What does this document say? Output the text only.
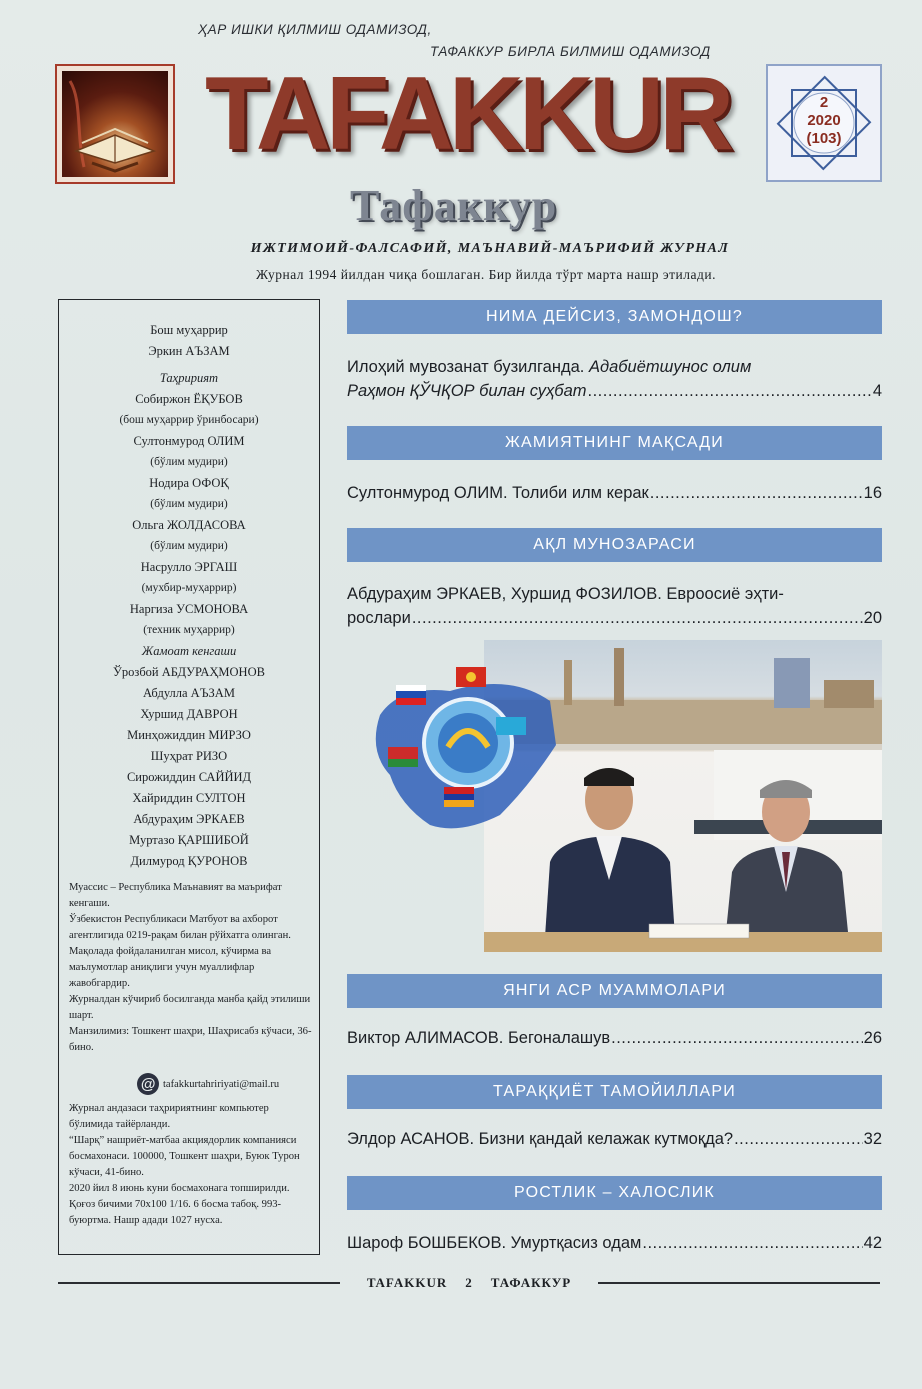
ҲАР ИШКИ ҚИЛМИШ ОДАМИЗОД,
ТАФАККУР БИРЛА БИЛМИШ ОДАМИЗОД
TAFAKKUR
Тафаккур
2
2020
(103)
ИЖТИМОИЙ-ФАЛСАФИЙ, МАЪНАВИЙ-МАЪРИФИЙ ЖУРНАЛ
Журнал 1994 йилдан чиқа бошлаган. Бир йилда тўрт марта нашр этилади.
Бош муҳаррир
Эркин АЪЗАМ
Таҳририят
Собиржон ЁҚУБОВ
(бош муҳаррир ўринбосари)
Султонмурод ОЛИМ
(бўлим мудири)
Нодира ОФОҚ
(бўлим мудири)
Ольга ЖОЛДАСОВА
(бўлим мудири)
Насрулло ЭРГАШ
(мухбир-муҳаррир)
Наргиза УСМОНОВА
(техник муҳаррир)
Жамоат кенгаши
Ўрозбой АБДУРАҲМОНОВ
Абдулла АЪЗАМ
Хуршид ДАВРОН
Минҳожиддин МИРЗО
Шуҳрат РИЗО
Сирожиддин САЙЙИД
Хайриддин СУЛТОН
Абдураҳим ЭРКАЕВ
Муртазо ҚАРШИБОЙ
Дилмурод ҚУРОНОВ

Муассис – Республика Маънавият ва маърифат кенгаши.

Ўзбекистон Республикаси Матбуот ва ахборот агентлигида 0219-рақам билан рўйхатга олинган.

Мақолада фойдаланилган мисол, кўчирма ва маълумотлар аниқлиги учун муаллифлар жавобгардир.

Журналдан кўчириб босилганда манба қайд этилиши шарт.

Манзилимиз: Тошкент шаҳри, Шаҳрисабз кўчаси, 36-бино.

@ tafakkurtahririyati@mail.ru

Журнал андазаси таҳририятнинг компьютер бўлимида тайёрланди.

“Шарқ” нашриёт-матбаа акциядорлик компанияси босмахонаси. 100000, Тошкент шаҳри, Буюк Турон кўчаси, 41-бино.

2020 йил 8 июнь куни босмахонага топширилди. Қоғоз бичими 70х100 1/16. 6 босма табоқ. 993-буюртма. Нашр адади 1027 нусха.

НИМА ДЕЙСИЗ, ЗАМОНДОШ?
Илоҳий мувозанат бузилганда. Адабиётшунос олим
Раҳмон ҚЎЧҚОР билан суҳбат .....	4
ЖАМИЯТНИНГ МАҚСАДИ
Султонмурод ОЛИМ. Толиби илм керак .....	16
АҚЛ МУНОЗАРАСИ
Абдураҳим ЭРКАЕВ, Хуршид ФОЗИЛОВ. Евроосиё эҳти-
рослари .....	20
ЯНГИ АСР МУАММОЛАРИ
Виктор АЛИМАСОВ. Бегоналашув .....	26
ТАРАҚҚИЁТ ТАМОЙИЛЛАРИ
Элдор АСАНОВ. Бизни қандай келажак кутмоқда? .....	32
РОСТЛИК – ХАЛОСЛИК
Шароф БОШБЕКОВ. Умуртқасиз одам .....	42
TAFAKKUR 2 ТАФАККУР
